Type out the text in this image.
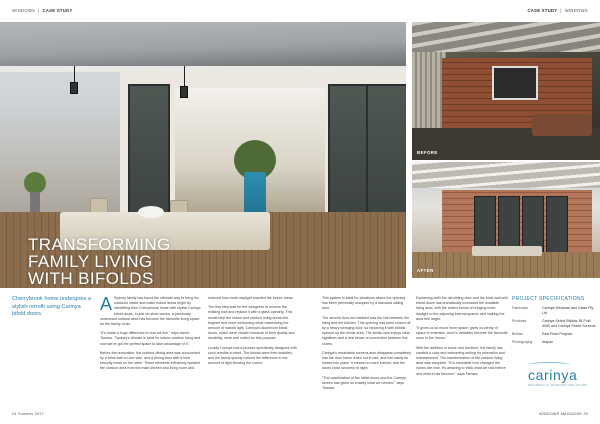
WINDOWS | CASE STUDY
Cherrybrook home undergoes a stylish retrofit using Carinya bifold doors.

A Sydney family has found the ultimate way to bring the outdoors inside and make indoor areas bright by retrofitting their Cherrybrook home with stylish Carinya bifold doors. In just six short weeks, a previously underused outdoor area has become the favourite living space for the family of six.

"It's made a huge difference to how we live," says owner, Tamara. "Sydney's climate is ideal for indoor-outdoor living and now we've got the perfect space to take advantage of it."

Before the renovation, the outdoor dining area was surrounded by a brick wall on one side, and a dining door with a lone security mesh on the other. These elements effectively isolated the outdoor area from the main kitchen and living room and

reduced how much daylight reached the indoor areas.

The first step was for the designers to remove the existing wall and replace it with a glass opening. This would help the indoor and outdoor living areas feel brighter and more welcoming while maximising the amount of natural light. Carinya's aluminium bifold doors, which were chosen because of their quality and durability, were well suited for this purpose.

Luckily Carinya had a product specifically designed with such retrofits in mind. The bifolds were then installed, and the family quickly noticed the difference in the amount of light flooding the rooms.

24 Summer 2017
CASE STUDY | WINDOWS
BEFORE
AFTER

This system is ideal for situations where the opening has been previously occupied by a standard sliding door.

The second door we installed was the link between the living and the kitchen. This opening had been closed off by a heavy swinging door, so replacing it with bifolds opened up the whole area. The family now enjoys clear sightlines and a real sense of connection between the rooms.

Carinya's retractable screens also disappear completely into the door frame when not in use, and can easily be locked into place. It means no more insects, and the doors close securely at night.

"The combination of the bifold doors and the Carinya screen has given us exactly what we needed," says Tamara.

Explaining both the old sliding door and the brick wall with bifold doors has dramatically increased the available living area, with the added bonus of bringing more daylight to the adjoining internal spaces and making the area feel larger.

"It gives us so much more space, gives us plenty of space to entertain, and it's definitely become the favourite room in the house."

With the addition of some new furniture, the family has created a cosy and welcoming setting for relaxation and entertainment. The transformation of the outdoor living area was complete. "It is incredible how changed the rooms are now. It's amazing to think what we had before and what it has become," says Tamara.

PROJECT SPECIFICATIONS
Fabricator	Carinya Windows and Glass Pty Ltd
Products	Carinya Select Bifolds, Bi-Fold 4000 and Carinya Select Screens
Builder	East Rock Projects
Photography	Alapac
carinya
RESIDENTIAL WINDOWS AND DOORS
WINDOWS MAGAZINE 25
TRANSFORMING
FAMILY LIVING
WITH BIFOLDS
